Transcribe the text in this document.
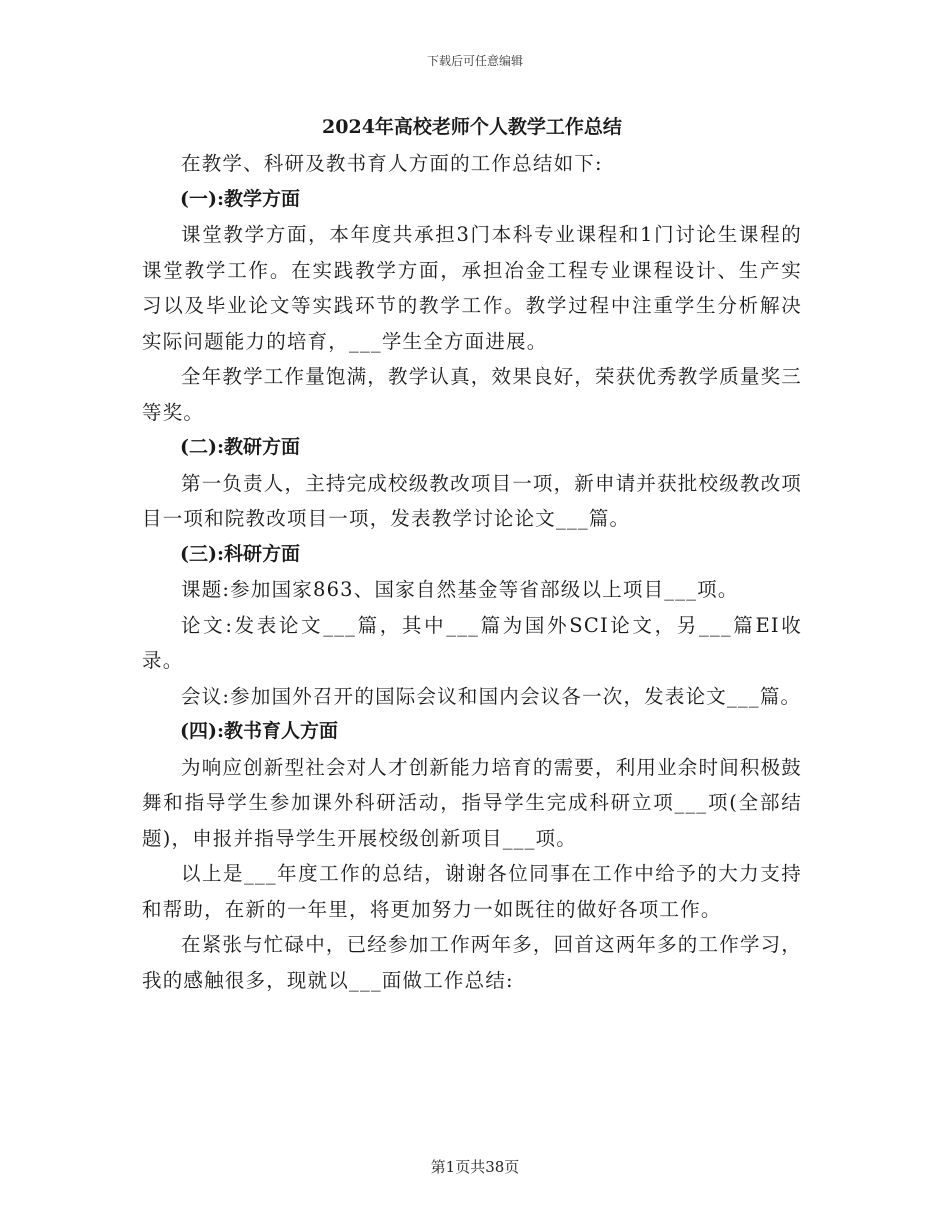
下载后可任意编辑
2024年高校老师个人教学工作总结
在教学、科研及教书育人方面的工作总结如下:
(一):教学方面
课堂教学方面，本年度共承担3门本科专业课程和1门讨论生课程的课堂教学工作。在实践教学方面，承担冶金工程专业课程设计、生产实习以及毕业论文等实践环节的教学工作。教学过程中注重学生分析解决实际问题能力的培育，___学生全方面进展。
全年教学工作量饱满，教学认真，效果良好，荣获优秀教学质量奖三等奖。
(二):教研方面
第一负责人，主持完成校级教改项目一项，新申请并获批校级教改项目一项和院教改项目一项，发表教学讨论论文___篇。
(三):科研方面
课题:参加国家863、国家自然基金等省部级以上项目___项。
论文:发表论文___篇，其中___篇为国外SCI论文，另___篇EI收录。
会议:参加国外召开的国际会议和国内会议各一次，发表论文___篇。
(四):教书育人方面
为响应创新型社会对人才创新能力培育的需要，利用业余时间积极鼓舞和指导学生参加课外科研活动，指导学生完成科研立项___项(全部结题)，申报并指导学生开展校级创新项目___项。
以上是___年度工作的总结，谢谢各位同事在工作中给予的大力支持和帮助，在新的一年里，将更加努力一如既往的做好各项工作。
在紧张与忙碌中，已经参加工作两年多，回首这两年多的工作学习，我的感触很多，现就以___面做工作总结:
第1页共38页
